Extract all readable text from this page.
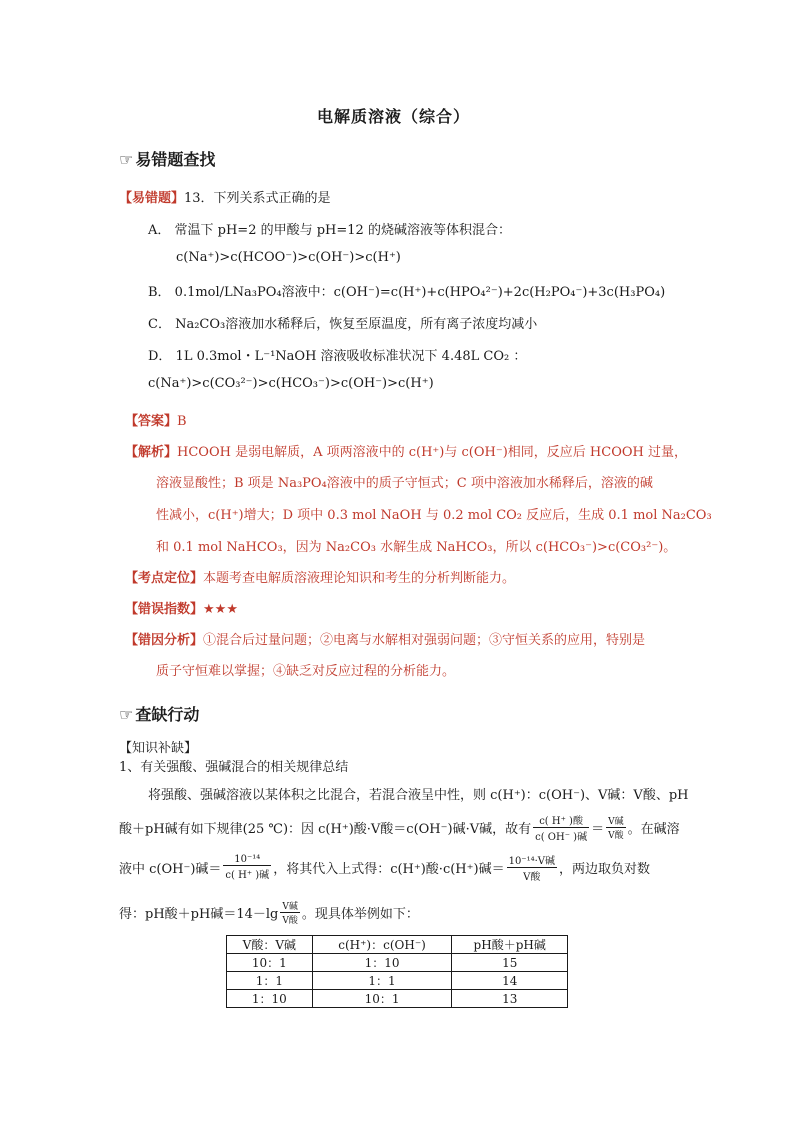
电解质溶液（综合）
☞ 易错题查找
【易错题】13．下列关系式正确的是
A． 常温下 pH=2 的甲酸与 pH=12 的烧碱溶液等体积混合：
c(Na⁺)>c(HCOO⁻)>c(OH⁻)>c(H⁺)
B． 0.1mol/LNa₃PO₄溶液中：c(OH⁻)=c(H⁺)+c(HPO₄²⁻)+2c(H₂PO₄⁻)+3c(H₃PO₄)
C． Na₂CO₃溶液加水稀释后，恢复至原温度，所有离子浓度均减小
D． 1L 0.3mol・L⁻¹NaOH 溶液吸收标准状况下 4.48L CO₂ ：
c(Na⁺)>c(CO₃²⁻)>c(HCO₃⁻)>c(OH⁻)>c(H⁺)
【答案】B
【解析】HCOOH 是弱电解质，A 项两溶液中的 c(H⁺)与 c(OH⁻)相同，反应后 HCOOH 过量，
溶液显酸性；B 项是 Na₃PO₄溶液中的质子守恒式；C 项中溶液加水稀释后，溶液的碱
性减小，c(H⁺)增大；D 项中 0.3 mol NaOH 与 0.2 mol CO₂ 反应后，生成 0.1 mol Na₂CO₃
和 0.1 mol NaHCO₃，因为 Na₂CO₃ 水解生成 NaHCO₃，所以 c(HCO₃⁻)>c(CO₃²⁻)。
【考点定位】本题考查电解质溶液理论知识和考生的分析判断能力。
【错误指数】★★★
【错因分析】①混合后过量问题；②电离与水解相对强弱问题；③守恒关系的应用，特别是
质子守恒难以掌握；④缺乏对反应过程的分析能力。
☞ 查缺行动
【知识补缺】
1、有关强酸、强碱混合的相关规律总结
将强酸、强碱溶液以某体积之比混合，若混合液呈中性，则 c(H⁺)：c(OH⁻)、V碱：V酸、pH
酸＋pH碱有如下规律(25 ℃)：因 c(H⁺)酸·V酸＝c(OH⁻)碱·V碱，故有 $\frac{\text{c( H⁺ )酸}}{\text{c( OH⁻ )碱}} = \frac{\text{V碱}}{\text{V酸}}$ 。在碱溶
液中 c(OH⁻)碱＝ $\frac{\text{10⁻¹⁴}}{\text{c( H⁺ )碱}}$ ，将其代入上式得：c(H⁺)酸·c(H⁺)碱＝ $\frac{\text{10⁻¹⁴·V碱}}{\text{V酸}}$ ，两边取负对数
得：pH酸＋pH碱$=14-\lg \frac{\text{V碱}}{\text{V酸}}$ 。现具体举例如下：
V酸：V碱	c(H⁺)：c(OH⁻)	pH酸＋pH碱
10：1	1：10	15
1：1	1：1	14
1：10	10：1	13
